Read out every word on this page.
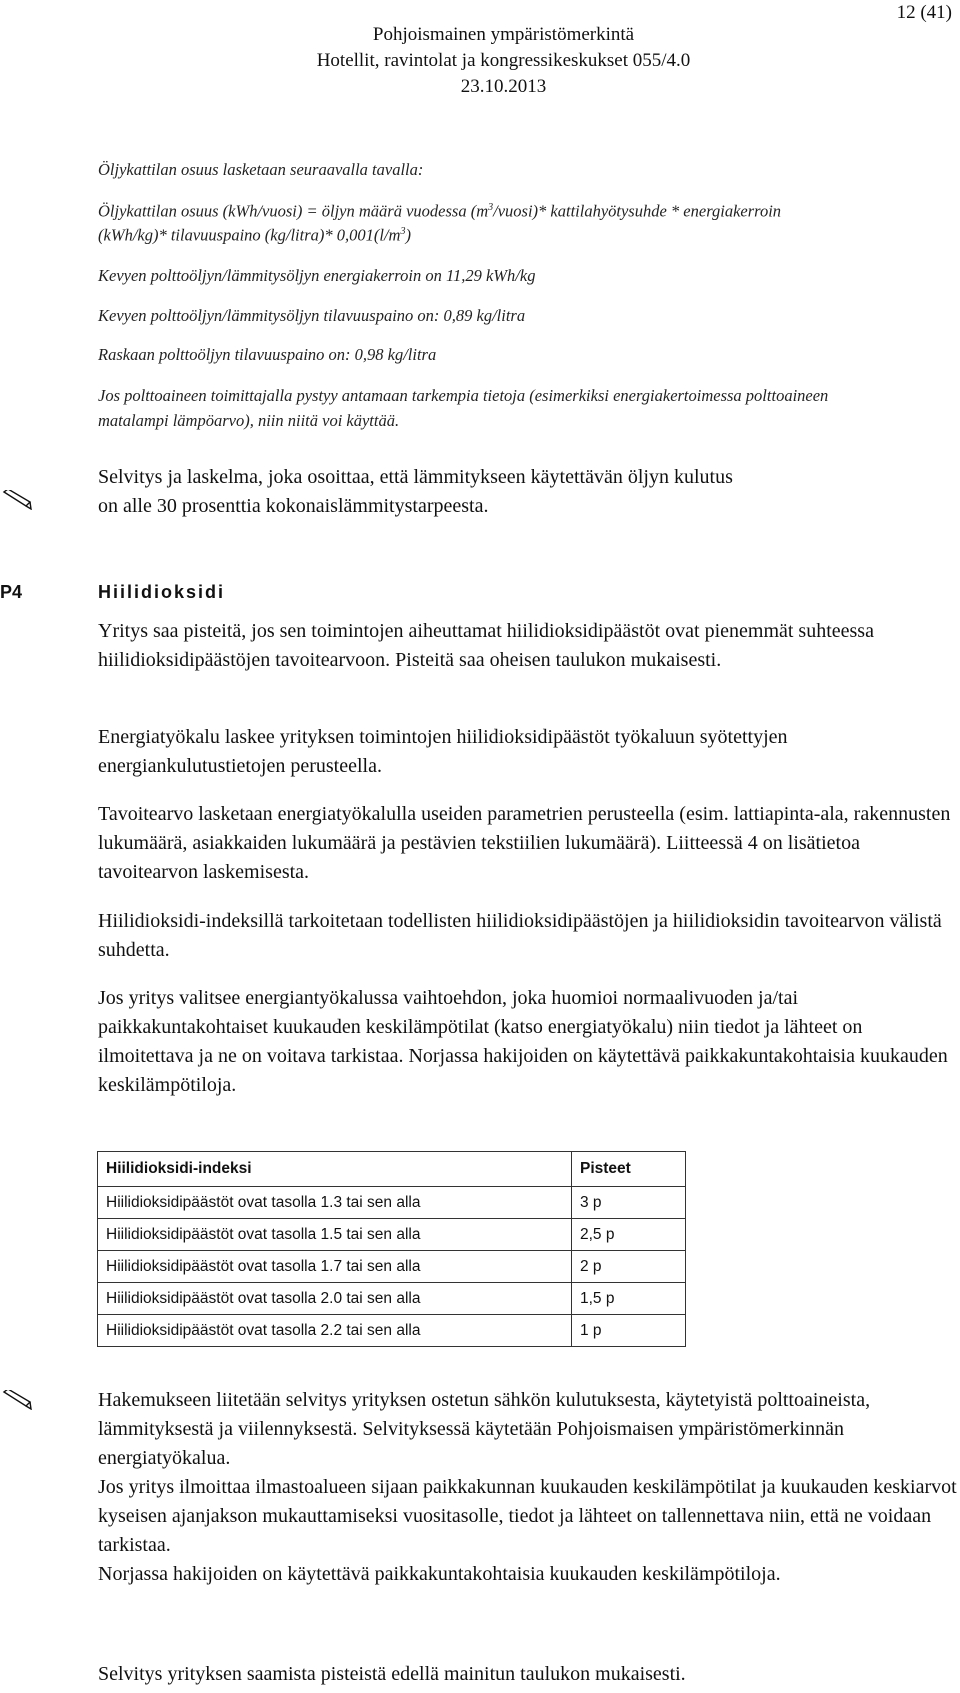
12 (41)
Pohjoismainen ympäristömerkintä
Hotellit, ravintolat ja kongressikeskukset 055/4.0
23.10.2013
Öljykattilan osuus lasketaan seuraavalla tavalla:
Öljykattilan osuus (kWh/vuosi) = öljyn määrä vuodessa $(m^3/vuosi)*$ kattilahyötysuhde * energiakerroin
(kWh/kg)* tilavuuspaino (kg/litra)* $0,001(l/m^3)$
Kevyen polttoöljyn/lämmitysöljyn energiakerroin on 11,29 kWh/kg
Kevyen polttoöljyn/lämmitysöljyn tilavuuspaino on: 0,89 kg/litra
Raskaan polttoöljyn tilavuuspaino on: 0,98 kg/litra
Jos polttoaineen toimittajalla pystyy antamaan tarkempia tietoja (esimerkiksi energiakertoimessa polttoaineen
matalampi lämpöarvo), niin niitä voi käyttää.

Selvitys ja laskelma, joka osoittaa, että lämmitykseen käytettävän öljyn kulutus

on alle 30 prosenttia kokonaislämmitystarpeesta.

P4	Hiilidioksidi

Yritys saa pisteitä, jos sen toimintojen aiheuttamat hiilidioksidipäästöt ovat pienemmät suhteessa hiilidioksidipäästöjen tavoitearvoon. Pisteitä saa oheisen taulukon mukaisesti.

Energiatyökalu laskee yrityksen toimintojen hiilidioksidipäästöt työkaluun syötettyjen energiankulutustietojen perusteella.

Tavoitearvo lasketaan energiatyökalulla useiden parametrien perusteella (esim. lattiapinta-ala, rakennusten lukumäärä, asiakkaiden lukumäärä ja pestävien tekstiilien lukumäärä). Liitteessä 4 on lisätietoa tavoitearvon laskemisesta.

Hiilidioksidi-indeksillä tarkoitetaan todellisten hiilidioksidipäästöjen ja hiilidioksidin tavoitearvon välistä suhdetta.

Jos yritys valitsee energiantyökalussa vaihtoehdon, joka huomioi normaalivuoden ja/tai paikkakuntakohtaiset kuukauden keskilämpötilat (katso energiatyökalu) niin tiedot ja lähteet on ilmoitettava ja ne on voitava tarkistaa. Norjassa hakijoiden on käytettävä paikkakuntakohtaisia kuukauden keskilämpötiloja.

Hiilidioksidi-indeksi	Pisteet
Hiilidioksidipäästöt ovat tasolla 1.3 tai sen alla	3 p
Hiilidioksidipäästöt ovat tasolla 1.5 tai sen alla	2,5 p
Hiilidioksidipäästöt ovat tasolla 1.7 tai sen alla	2 p
Hiilidioksidipäästöt ovat tasolla 2.0 tai sen alla	1,5 p
Hiilidioksidipäästöt ovat tasolla 2.2 tai sen alla	1 p

Hakemukseen liitetään selvitys yrityksen ostetun sähkön kulutuksesta, käytetyistä polttoaineista, lämmityksestä ja viilennyksestä. Selvityksessä käytetään Pohjoismaisen ympäristömerkinnän energiatyökalua.

Jos yritys ilmoittaa ilmastoalueen sijaan paikkakunnan kuukauden keskilämpötilat ja kuukauden keskiarvot kyseisen ajanjakson mukauttamiseksi vuositasolle, tiedot ja lähteet on tallennettava niin, että ne voidaan tarkistaa.

Norjassa hakijoiden on käytettävä paikkakuntakohtaisia kuukauden keskilämpötiloja.

Selvitys yrityksen saamista pisteistä edellä mainitun taulukon mukaisesti.
